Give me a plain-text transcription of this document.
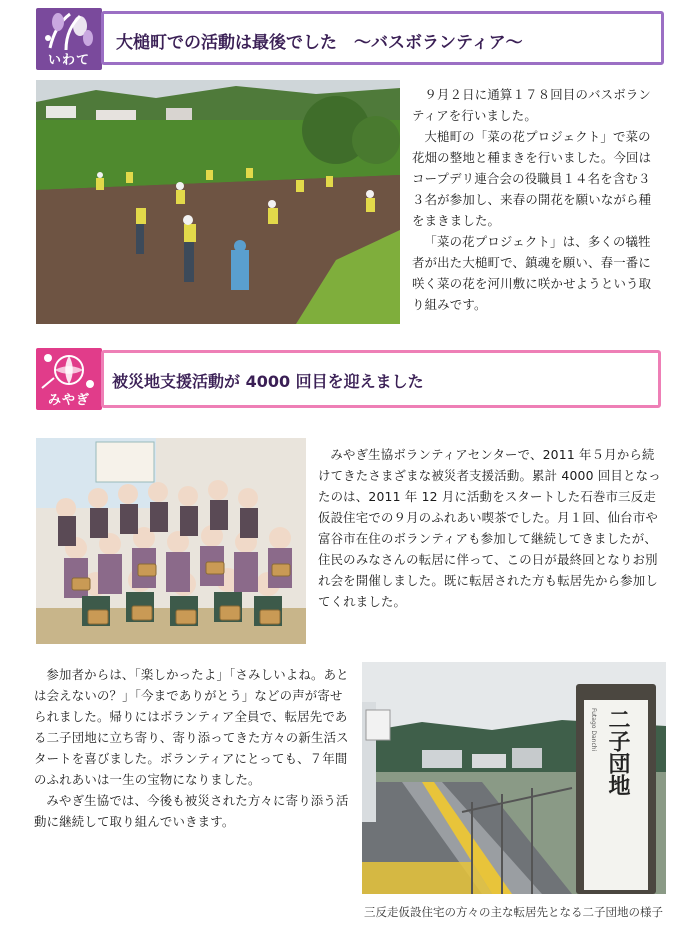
いわて
大槌町での活動は最後でした　～バスボランティア～

９月２日に通算１７８回目のバスボランティアを行いました。

大槌町の「菜の花プロジェクト」で菜の花畑の整地と種まきを行いました。今回はコープデリ連合会の役職員１４名を含む３３名が参加し、来春の開花を願いながら種をまきました。

「菜の花プロジェクト」は、多くの犠牲者が出た大槌町で、鎮魂を願い、春一番に咲く菜の花を河川敷に咲かせようという取り組みです。

みやぎ
被災地支援活動が 4000 回目を迎えました

みやぎ生協ボランティアセンターで、2011 年５月から続けてきたさまざまな被災者支援活動。累計 4000 回目となったのは、2011 年 12 月に活動をスタートした石巻市三反走仮設住宅での９月のふれあい喫茶でした。月１回、仙台市や富谷市在住のボランティアも参加して継続してきましたが、住民のみなさんの転居に伴って、この日が最終回となりお別れ会を開催しました。既に転居された方も転居先から参加してくれました。

参加者からは、「楽しかったよ」「さみしいよね。あとは会えないの？」「今までありがとう」などの声が寄せられました。帰りにはボランティア全員で、転居先である二子団地に立ち寄り、寄り添ってきた方々の新生活スタートを喜びました。ボランティアにとっても、７年間のふれあいは一生の宝物になりました。

みやぎ生協では、今後も被災された方々に寄り添う活動に継続して取り組んでいきます。

二子団地
Futago Danchi
三反走仮設住宅の方々の主な転居先となる二子団地の様子
